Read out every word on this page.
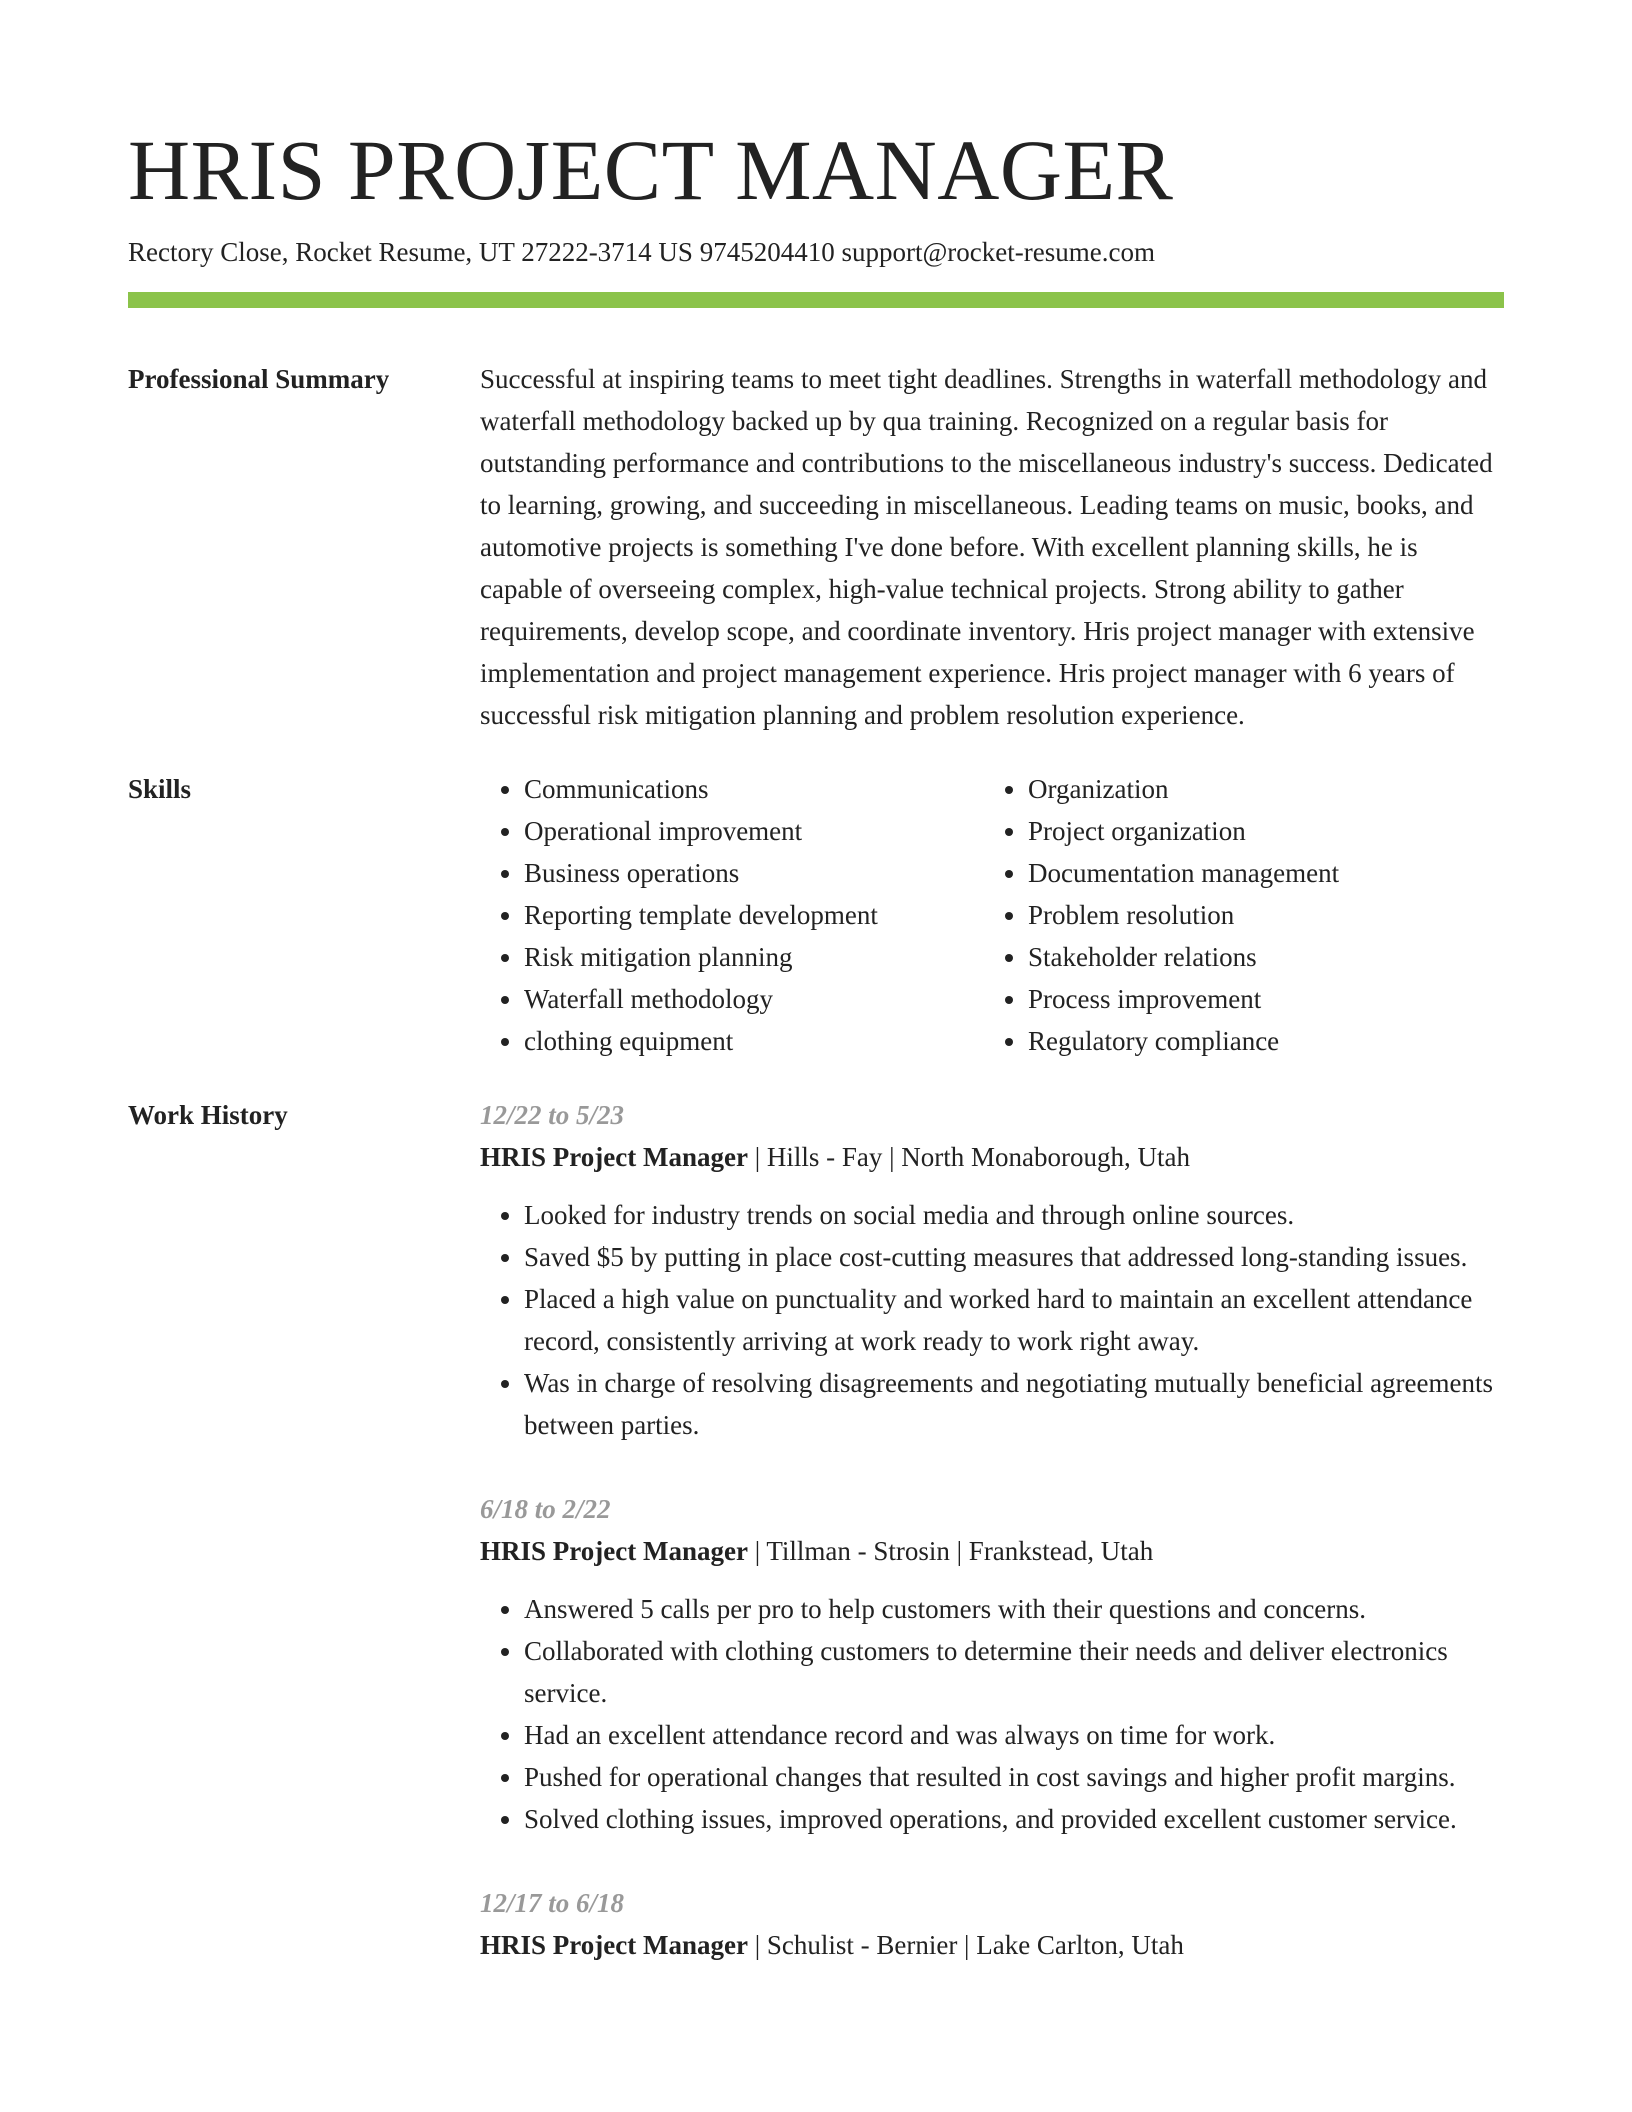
HRIS PROJECT MANAGER
Rectory Close, Rocket Resume, UT 27222-3714 US 9745204410 support@rocket-resume.com
Professional Summary	Successful at inspiring teams to meet tight deadlines. Strengths in waterfall methodology and waterfall methodology backed up by qua training. Recognized on a regular basis for outstanding performance and contributions to the miscellaneous industry's success. Dedicated to learning, growing, and succeeding in miscellaneous. Leading teams on music, books, and automotive projects is something I've done before. With excellent planning skills, he is capable of overseeing complex, high-value technical projects. Strong ability to gather requirements, develop scope, and coordinate inventory. Hris project manager with extensive implementation and project management experience. Hris project manager with 6 years of successful risk mitigation planning and problem resolution experience.
Skills
•	Communications
• Operational improvement
• Business operations
• Reporting template development
• Risk mitigation planning
• Waterfall methodology
• clothing equipment
• Organization
• Project organization
• Documentation management
• Problem resolution
• Stakeholder relations
• Process improvement
• Regulatory compliance
Work History	12/22 to 5/23
HRIS Project Manager | Hills - Fay | North Monaborough, Utah
• Looked for industry trends on social media and through online sources.
• Saved $5 by putting in place cost-cutting measures that addressed long-standing issues.
• Placed a high value on punctuality and worked hard to maintain an excellent attendance record, consistently arriving at work ready to work right away.
• Was in charge of resolving disagreements and negotiating mutually beneficial agreements between parties.
6/18 to 2/22
HRIS Project Manager | Tillman - Strosin | Frankstead, Utah
• Answered 5 calls per pro to help customers with their questions and concerns.
• Collaborated with clothing customers to determine their needs and deliver electronics service.
• Had an excellent attendance record and was always on time for work.
• Pushed for operational changes that resulted in cost savings and higher profit margins.
• Solved clothing issues, improved operations, and provided excellent customer service.
12/17 to 6/18
HRIS Project Manager | Schulist - Bernier | Lake Carlton, Utah
